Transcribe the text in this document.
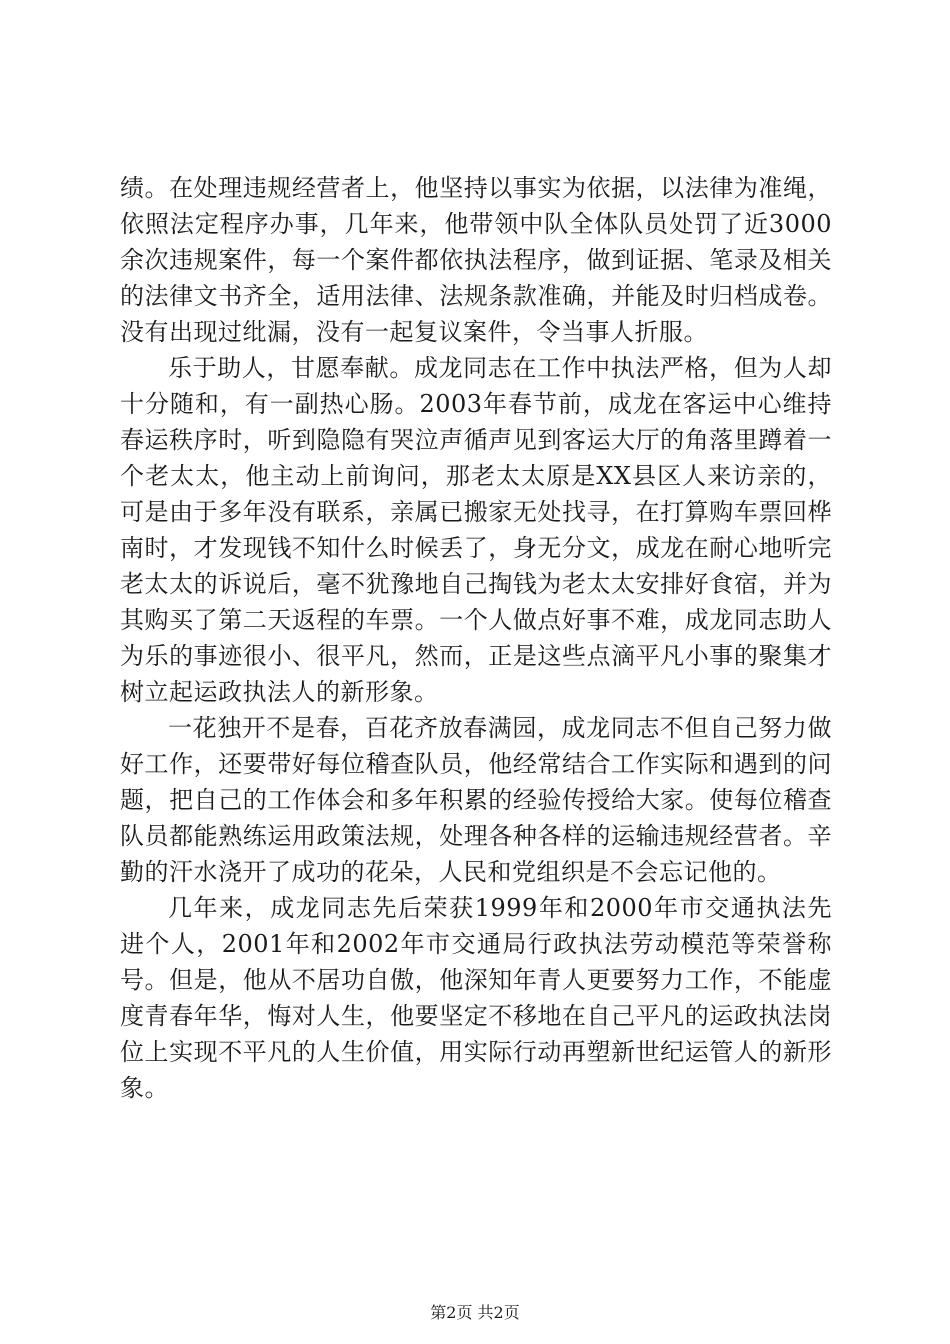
绩。在处理违规经营者上，他坚持以事实为依据，以法律为准绳，依照法定程序办事，几年来，他带领中队全体队员处罚了近3000余次违规案件，每一个案件都依执法程序，做到证据、笔录及相关的法律文书齐全，适用法律、法规条款准确，并能及时归档成卷。没有出现过纰漏，没有一起复议案件，令当事人折服。

乐于助人，甘愿奉献。成龙同志在工作中执法严格，但为人却十分随和，有一副热心肠。2003年春节前，成龙在客运中心维持春运秩序时，听到隐隐有哭泣声循声见到客运大厅的角落里蹲着一个老太太，他主动上前询问，那老太太原是XX县区人来访亲的，可是由于多年没有联系，亲属已搬家无处找寻，在打算购车票回桦南时，才发现钱不知什么时候丢了，身无分文，成龙在耐心地听完老太太的诉说后，毫不犹豫地自己掏钱为老太太安排好食宿，并为其购买了第二天返程的车票。一个人做点好事不难，成龙同志助人为乐的事迹很小、很平凡，然而，正是这些点滴平凡小事的聚集才树立起运政执法人的新形象。

一花独开不是春，百花齐放春满园，成龙同志不但自己努力做好工作，还要带好每位稽查队员，他经常结合工作实际和遇到的问题，把自己的工作体会和多年积累的经验传授给大家。使每位稽查队员都能熟练运用政策法规，处理各种各样的运输违规经营者。辛勤的汗水浇开了成功的花朵，人民和党组织是不会忘记他的。

几年来，成龙同志先后荣获1999年和2000年市交通执法先进个人，2001年和2002年市交通局行政执法劳动模范等荣誉称号。但是，他从不居功自傲，他深知年青人更要努力工作，不能虚度青春年华，悔对人生，他要坚定不移地在自己平凡的运政执法岗位上实现不平凡的人生价值，用实际行动再塑新世纪运管人的新形象。

第2页 共2页
